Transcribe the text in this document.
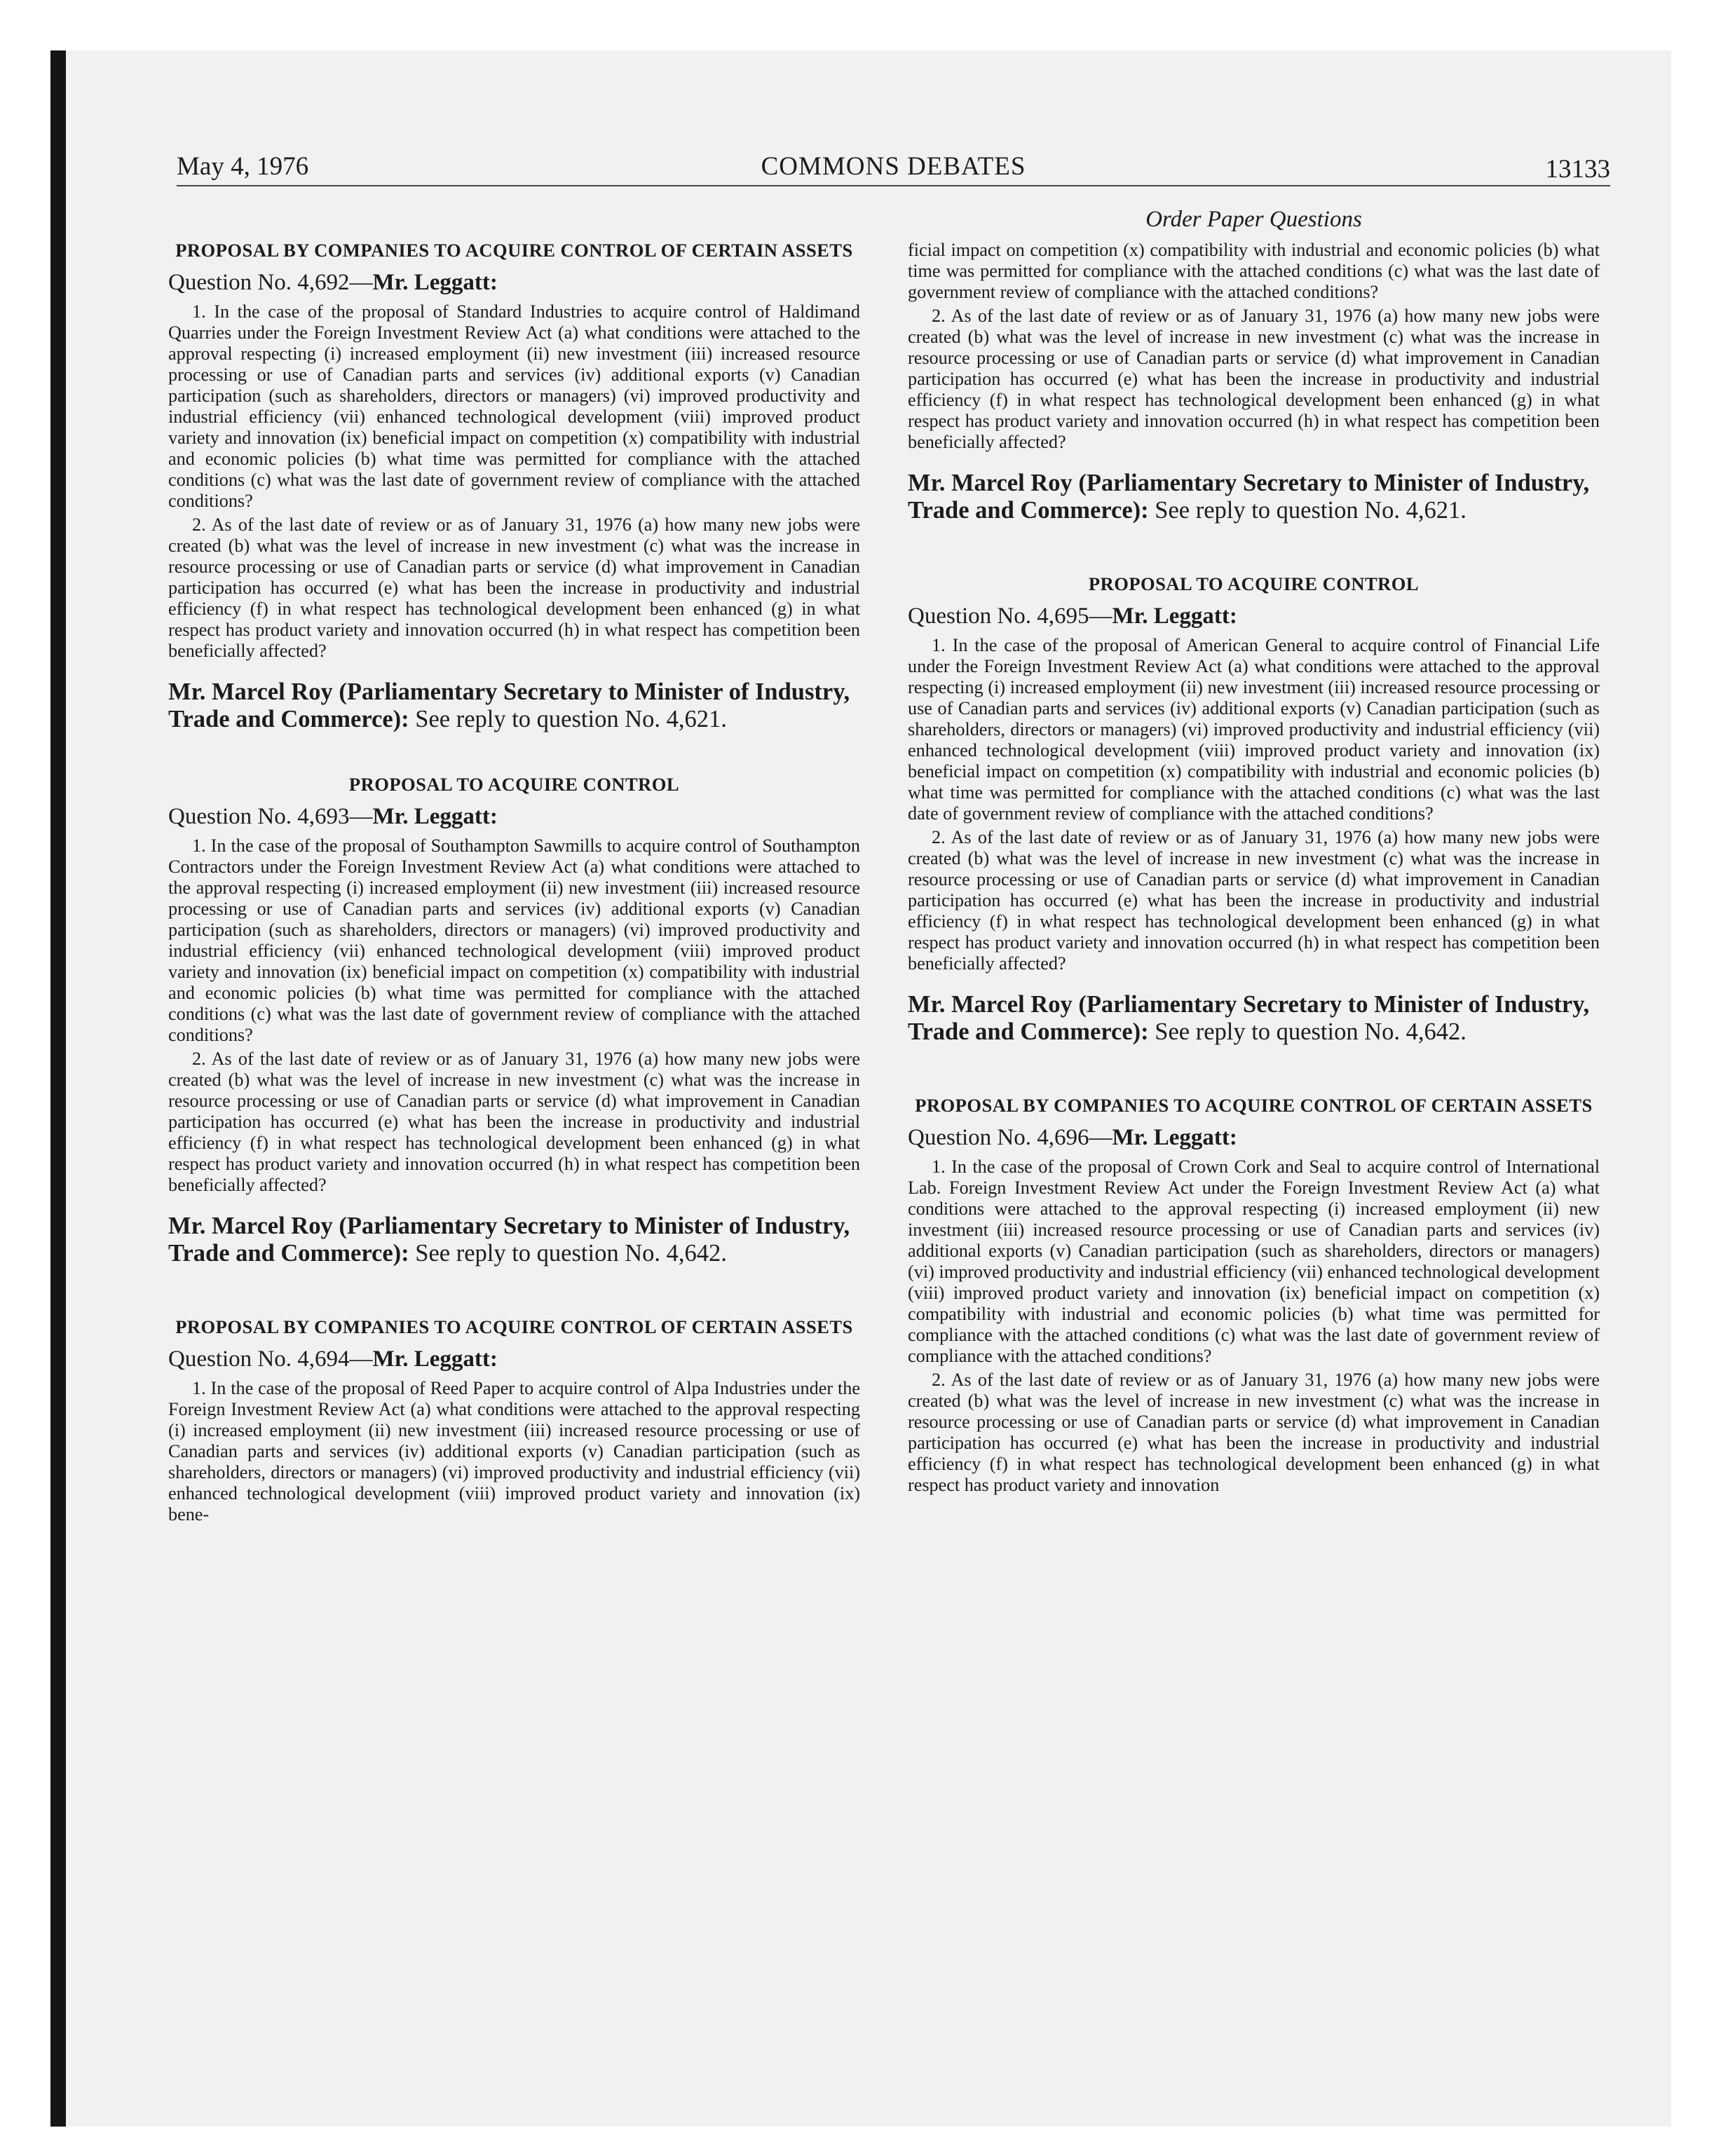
May 4, 1976	COMMONS DEBATES	13133
PROPOSAL BY COMPANIES TO ACQUIRE CONTROL OF CERTAIN ASSETS

Question No. 4,692—Mr. Leggatt:

1. In the case of the proposal of Standard Industries to acquire control of Haldimand Quarries under the Foreign Investment Review Act (a) what conditions were attached to the approval respecting (i) increased employment (ii) new investment (iii) increased resource processing or use of Canadian parts and services (iv) additional exports (v) Canadian participation (such as shareholders, directors or managers) (vi) improved productivity and industrial efficiency (vii) enhanced technological development (viii) improved product variety and innovation (ix) beneficial impact on competition (x) compatibility with industrial and economic policies (b) what time was permitted for compliance with the attached conditions (c) what was the last date of government review of compliance with the attached conditions?

2. As of the last date of review or as of January 31, 1976 (a) how many new jobs were created (b) what was the level of increase in new investment (c) what was the increase in resource processing or use of Canadian parts or service (d) what improvement in Canadian participation has occurred (e) what has been the increase in productivity and industrial efficiency (f) in what respect has technological development been enhanced (g) in what respect has product variety and innovation occurred (h) in what respect has competition been beneficially affected?

Mr. Marcel Roy (Parliamentary Secretary to Minister of Industry, Trade and Commerce): See reply to question No. 4,621.

PROPOSAL TO ACQUIRE CONTROL

Question No. 4,693—Mr. Leggatt:

1. In the case of the proposal of Southampton Sawmills to acquire control of Southampton Contractors under the Foreign Investment Review Act (a) what conditions were attached to the approval respecting (i) increased employment (ii) new investment (iii) increased resource processing or use of Canadian parts and services (iv) additional exports (v) Canadian participation (such as shareholders, directors or managers) (vi) improved productivity and industrial efficiency (vii) enhanced technological development (viii) improved product variety and innovation (ix) beneficial impact on competition (x) compatibility with industrial and economic policies (b) what time was permitted for compliance with the attached conditions (c) what was the last date of government review of compliance with the attached conditions?

2. As of the last date of review or as of January 31, 1976 (a) how many new jobs were created (b) what was the level of increase in new investment (c) what was the increase in resource processing or use of Canadian parts or service (d) what improvement in Canadian participation has occurred (e) what has been the increase in productivity and industrial efficiency (f) in what respect has technological development been enhanced (g) in what respect has product variety and innovation occurred (h) in what respect has competition been beneficially affected?

Mr. Marcel Roy (Parliamentary Secretary to Minister of Industry, Trade and Commerce): See reply to question No. 4,642.

PROPOSAL BY COMPANIES TO ACQUIRE CONTROL OF CERTAIN ASSETS

Question No. 4,694—Mr. Leggatt:

1. In the case of the proposal of Reed Paper to acquire control of Alpa Industries under the Foreign Investment Review Act (a) what conditions were attached to the approval respecting (i) increased employment (ii) new investment (iii) increased resource processing or use of Canadian parts and services (iv) additional exports (v) Canadian participation (such as shareholders, directors or managers) (vi) improved productivity and industrial efficiency (vii) enhanced technological development (viii) improved product variety and innovation (ix) bene-

Order Paper Questions

ficial impact on competition (x) compatibility with industrial and economic policies (b) what time was permitted for compliance with the attached conditions (c) what was the last date of government review of compliance with the attached conditions?

2. As of the last date of review or as of January 31, 1976 (a) how many new jobs were created (b) what was the level of increase in new investment (c) what was the increase in resource processing or use of Canadian parts or service (d) what improvement in Canadian participation has occurred (e) what has been the increase in productivity and industrial efficiency (f) in what respect has technological development been enhanced (g) in what respect has product variety and innovation occurred (h) in what respect has competition been beneficially affected?

Mr. Marcel Roy (Parliamentary Secretary to Minister of Industry, Trade and Commerce): See reply to question No. 4,621.

PROPOSAL TO ACQUIRE CONTROL

Question No. 4,695—Mr. Leggatt:

1. In the case of the proposal of American General to acquire control of Financial Life under the Foreign Investment Review Act (a) what conditions were attached to the approval respecting (i) increased employment (ii) new investment (iii) increased resource processing or use of Canadian parts and services (iv) additional exports (v) Canadian participation (such as shareholders, directors or managers) (vi) improved productivity and industrial efficiency (vii) enhanced technological development (viii) improved product variety and innovation (ix) beneficial impact on competition (x) compatibility with industrial and economic policies (b) what time was permitted for compliance with the attached conditions (c) what was the last date of government review of compliance with the attached conditions?

2. As of the last date of review or as of January 31, 1976 (a) how many new jobs were created (b) what was the level of increase in new investment (c) what was the increase in resource processing or use of Canadian parts or service (d) what improvement in Canadian participation has occurred (e) what has been the increase in productivity and industrial efficiency (f) in what respect has technological development been enhanced (g) in what respect has product variety and innovation occurred (h) in what respect has competition been beneficially affected?

Mr. Marcel Roy (Parliamentary Secretary to Minister of Industry, Trade and Commerce): See reply to question No. 4,642.

PROPOSAL BY COMPANIES TO ACQUIRE CONTROL OF CERTAIN ASSETS

Question No. 4,696—Mr. Leggatt:

1. In the case of the proposal of Crown Cork and Seal to acquire control of International Lab. Foreign Investment Review Act under the Foreign Investment Review Act (a) what conditions were attached to the approval respecting (i) increased employment (ii) new investment (iii) increased resource processing or use of Canadian parts and services (iv) additional exports (v) Canadian participation (such as shareholders, directors or managers) (vi) improved productivity and industrial efficiency (vii) enhanced technological development (viii) improved product variety and innovation (ix) beneficial impact on competition (x) compatibility with industrial and economic policies (b) what time was permitted for compliance with the attached conditions (c) what was the last date of government review of compliance with the attached conditions?

2. As of the last date of review or as of January 31, 1976 (a) how many new jobs were created (b) what was the level of increase in new investment (c) what was the increase in resource processing or use of Canadian parts or service (d) what improvement in Canadian participation has occurred (e) what has been the increase in productivity and industrial efficiency (f) in what respect has technological development been enhanced (g) in what respect has product variety and innovation
